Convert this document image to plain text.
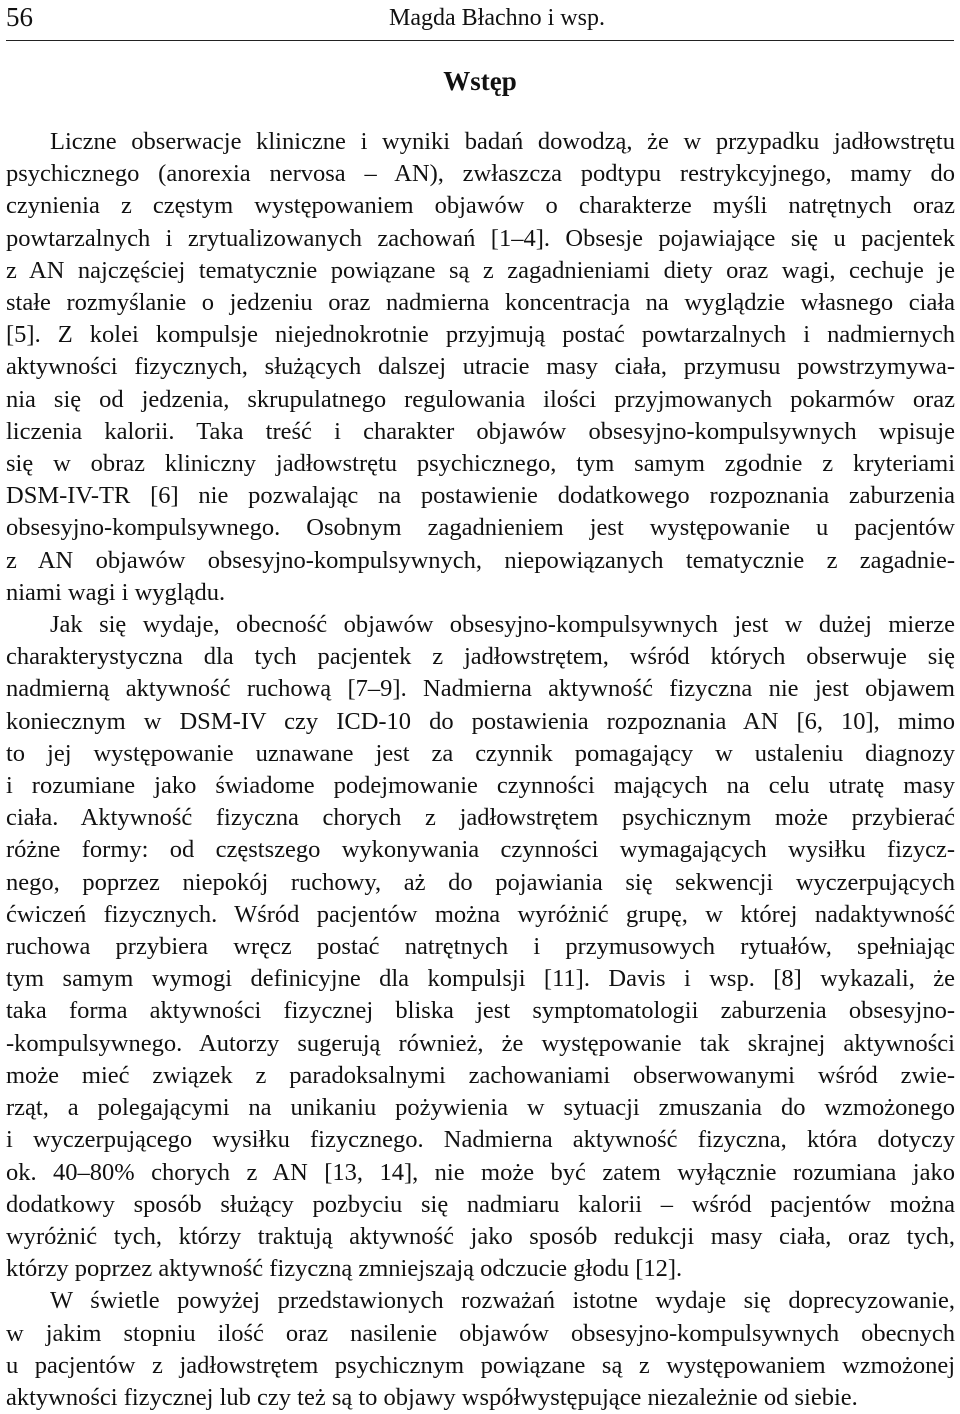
56	Magda Błachno i wsp.
Wstęp

Liczne obserwacje kliniczne i wyniki badań dowodzą, że w przypadku jadłowstrętu
psychicznego (anorexia nervosa – AN), zwłaszcza podtypu restrykcyjnego, mamy do
czynienia z częstym występowaniem objawów o charakterze myśli natrętnych oraz
powtarzalnych i zrytualizowanych zachowań [1–4]. Obsesje pojawiające się u pacjentek
z AN najczęściej tematycznie powiązane są z zagadnieniami diety oraz wagi, cechuje je
stałe rozmyślanie o jedzeniu oraz nadmierna koncentracja na wyglądzie własnego ciała
[5]. Z kolei kompulsje niejednokrotnie przyjmują postać powtarzalnych i nadmiernych
aktywności fizycznych, służących dalszej utracie masy ciała, przymusu powstrzymywa-
nia się od jedzenia, skrupulatnego regulowania ilości przyjmowanych pokarmów oraz
liczenia kalorii. Taka treść i charakter objawów obsesyjno-kompulsywnych wpisuje
się w obraz kliniczny jadłowstrętu psychicznego, tym samym zgodnie z kryteriami
DSM-IV-TR [6] nie pozwalając na postawienie dodatkowego rozpoznania zaburzenia
obsesyjno-kompulsywnego. Osobnym zagadnieniem jest występowanie u pacjentów
z AN objawów obsesyjno-kompulsywnych, niepowiązanych tematycznie z zagadnie-
niami wagi i wyglądu.

Jak się wydaje, obecność objawów obsesyjno-kompulsywnych jest w dużej mierze
charakterystyczna dla tych pacjentek z jadłowstrętem, wśród których obserwuje się
nadmierną aktywność ruchową [7–9]. Nadmierna aktywność fizyczna nie jest objawem
koniecznym w DSM-IV czy ICD-10 do postawienia rozpoznania AN [6, 10], mimo
to jej występowanie uznawane jest za czynnik pomagający w ustaleniu diagnozy
i rozumiane jako świadome podejmowanie czynności mających na celu utratę masy
ciała. Aktywność fizyczna chorych z jadłowstrętem psychicznym może przybierać
różne formy: od częstszego wykonywania czynności wymagających wysiłku fizycz-
nego, poprzez niepokój ruchowy, aż do pojawiania się sekwencji wyczerpujących
ćwiczeń fizycznych. Wśród pacjentów można wyróżnić grupę, w której nadaktywność
ruchowa przybiera wręcz postać natrętnych i przymusowych rytuałów, spełniając
tym samym wymogi definicyjne dla kompulsji [11]. Davis i wsp. [8] wykazali, że
taka forma aktywności fizycznej bliska jest symptomatologii zaburzenia obsesyjno-
-kompulsywnego. Autorzy sugerują również, że występowanie tak skrajnej aktywności
może mieć związek z paradoksalnymi zachowaniami obserwowanymi wśród zwie-
rząt, a polegającymi na unikaniu pożywienia w sytuacji zmuszania do wzmożonego
i wyczerpującego wysiłku fizycznego. Nadmierna aktywność fizyczna, która dotyczy
ok. 40–80% chorych z AN [13, 14], nie może być zatem wyłącznie rozumiana jako
dodatkowy sposób służący pozbyciu się nadmiaru kalorii – wśród pacjentów można
wyróżnić tych, którzy traktują aktywność jako sposób redukcji masy ciała, oraz tych,
którzy poprzez aktywność fizyczną zmniejszają odczucie głodu [12].

W świetle powyżej przedstawionych rozważań istotne wydaje się doprecyzowanie,
w jakim stopniu ilość oraz nasilenie objawów obsesyjno-kompulsywnych obecnych
u pacjentów z jadłowstrętem psychicznym powiązane są z występowaniem wzmożonej
aktywności fizycznej lub czy też są to objawy współwystępujące niezależnie od siebie.
